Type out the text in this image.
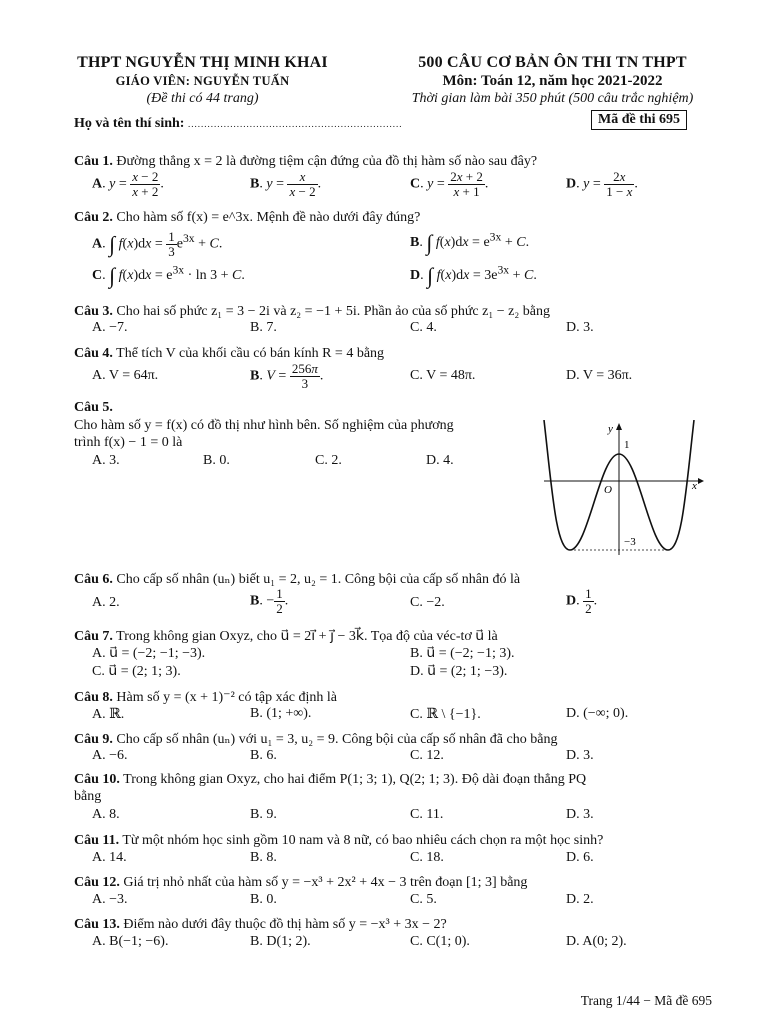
THPT NGUYỄN THỊ MINH KHAI
GIÁO VIÊN: NGUYỄN TUẤN
(Đề thi có 44 trang)
500 CÂU CƠ BẢN ÔN THI TN THPT
Môn: Toán 12, năm học 2021-2022
Thời gian làm bài 350 phút (500 câu trắc nghiệm)
Họ và tên thí sinh: ..................................................................	Mã đề thi 695
Câu 1. Đường thẳng x = 2 là đường tiệm cận đứng của đồ thị hàm số nào sau đây?
A. $y = \frac{x - 2}{x + 2}$ .	B. $y = \frac{x}{x - 2}$ .	C. $y = \frac{2x + 2}{x + 1}$ .	D. $y = \frac{2x}{1 - x}$ .
Câu 2. Cho hàm số f(x) = e^3x. Mệnh đề nào dưới đây đúng?
A. ∫ $f(x)dx = \frac{1}{3} e^{3x} + C$.	B. ∫ $f(x)dx = e^{3x} + C$.
C. ∫ $f(x)dx = e^{3x} \cdot \ln 3 + C$.	D. ∫ $f(x)dx = 3e^{3x} + C$.
Câu 3. Cho hai số phức z₁ = 3 − 2i và z₂ = −1 + 5i. Phần ảo của số phức z₁ − z₂ bằng
A. −7.	B. 7.	C. 4.	D. 3.
Câu 4. Thể tích V của khối cầu có bán kính R = 4 bằng
A. V = 64π.	B. $V = \frac{256\pi}{3}$ .	C. V = 48π.	D. V = 36π.
Câu 5.
Cho hàm số y = f(x) có đồ thị như hình bên. Số nghiệm của phương
trình f(x) − 1 = 0 là
A. 3.	B. 0.	C. 2.	D. 4.
y
x
O
1
−3
Câu 6. Cho cấp số nhân (uₙ) biết u₁ = 2, u₂ = 1. Công bội của cấp số nhân đó là
A. 2.	B. − $\frac{1}{2}$ .	C. −2.	D. $\frac{1}{2}$ .
Câu 7. Trong không gian Oxyz, cho u⃗ = 2i⃗ + j⃗ − 3k⃗. Tọa độ của véc-tơ u⃗ là
A. u⃗ = (−2; −1; −3).	B. u⃗ = (−2; −1; 3).
C. u⃗ = (2; 1; 3).	D. u⃗ = (2; 1; −3).
Câu 8. Hàm số y = (x + 1)⁻² có tập xác định là
A. ℝ.	B. (1; +∞).	C. ℝ \ {−1}.	D. (−∞; 0).
Câu 9. Cho cấp số nhân (uₙ) với u₁ = 3, u₂ = 9. Công bội của cấp số nhân đã cho bằng
A. −6.	B. 6.	C. 12.	D. 3.
Câu 10. Trong không gian Oxyz, cho hai điểm P(1; 3; 1), Q(2; 1; 3). Độ dài đoạn thẳng PQ
bằng
A. 8.	B. 9.	C. 11.	D. 3.
Câu 11. Từ một nhóm học sinh gồm 10 nam và 8 nữ, có bao nhiêu cách chọn ra một học sinh?
A. 14.	B. 8.	C. 18.	D. 6.
Câu 12. Giá trị nhỏ nhất của hàm số y = −x³ + 2x² + 4x − 3 trên đoạn [1; 3] bằng
A. −3.	B. 0.	C. 5.	D. 2.
Câu 13. Điểm nào dưới đây thuộc đồ thị hàm số y = −x³ + 3x − 2?
A. B(−1; −6).	B. D(1; 2).	C. C(1; 0).	D. A(0; 2).
Trang 1/44 − Mã đề 695
